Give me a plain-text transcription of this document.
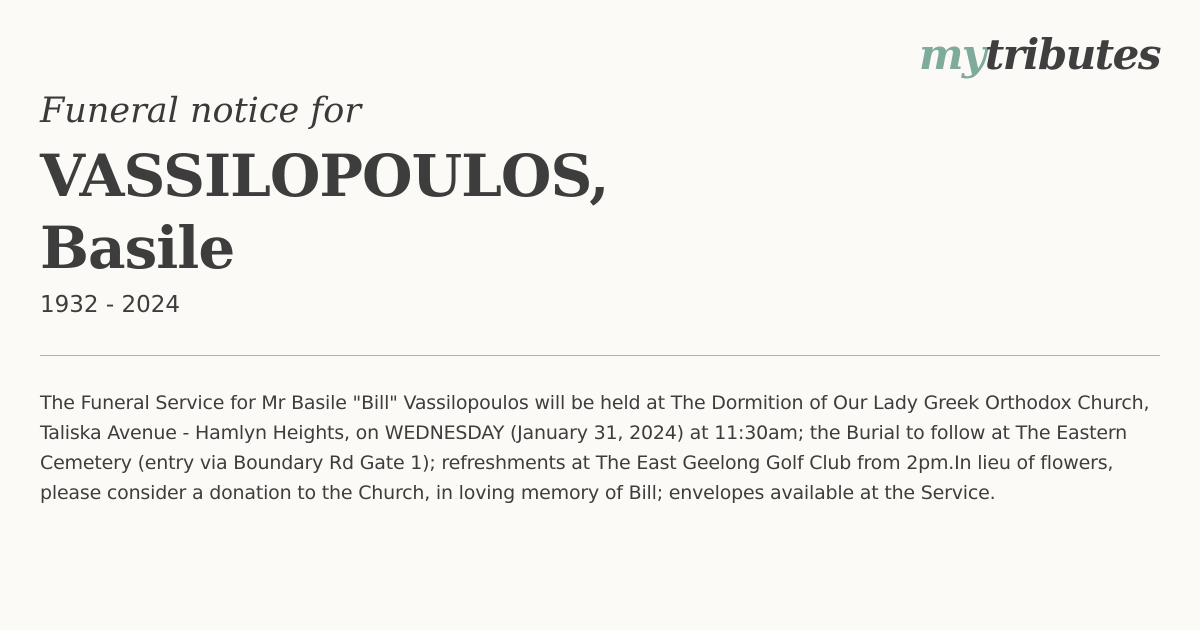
mytributes
Funeral notice for
VASSILOPOULOS,
Basile
1932 - 2024
The Funeral Service for Mr Basile "Bill" Vassilopoulos will be held at The Dormition of Our Lady Greek Orthodox Church, Taliska Avenue - Hamlyn Heights, on WEDNESDAY (January 31, 2024) at 11:30am; the Burial to follow at The Eastern Cemetery (entry via Boundary Rd Gate 1); refreshments at The East Geelong Golf Club from 2pm.In lieu of flowers, please consider a donation to the Church, in loving memory of Bill; envelopes available at the Service.
